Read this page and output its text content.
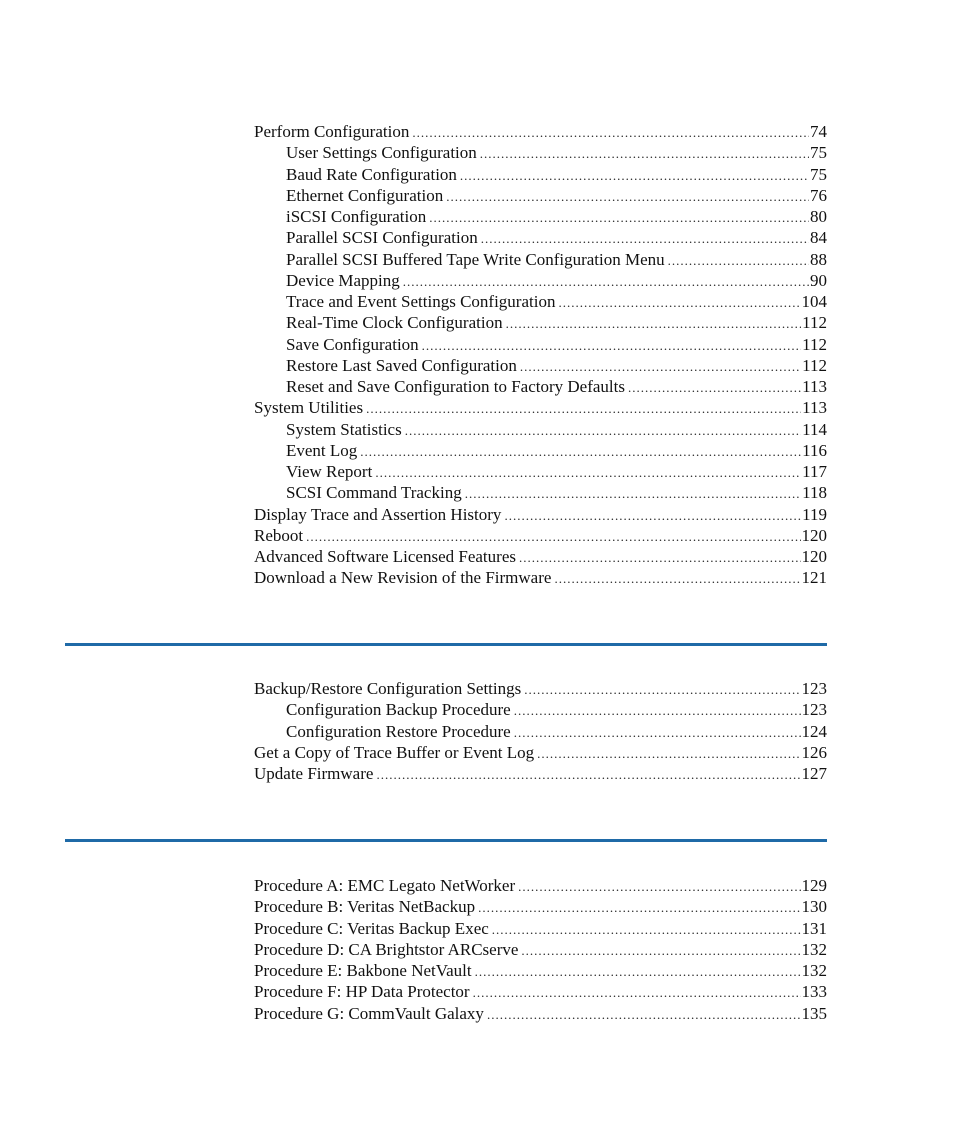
Perform Configuration .....	74
User Settings Configuration .....	75
Baud Rate Configuration .....	75
Ethernet Configuration .....	76
iSCSI Configuration .....	80
Parallel SCSI Configuration .....	84
Parallel SCSI Buffered Tape Write Configuration Menu .....	88
Device Mapping .....	90
Trace and Event Settings Configuration .....	104
Real-Time Clock Configuration .....	112
Save Configuration .....	112
Restore Last Saved Configuration .....	112
Reset and Save Configuration to Factory Defaults .....	113
System Utilities .....	113
System Statistics .....	114
Event Log .....	116
View Report .....	117
SCSI Command Tracking .....	118
Display Trace and Assertion History .....	119
Reboot .....	120
Advanced Software Licensed Features .....	120
Download a New Revision of the Firmware .....	121
Backup/Restore Configuration Settings .....	123
Configuration Backup Procedure .....	123
Configuration Restore Procedure .....	124
Get a Copy of Trace Buffer or Event Log .....	126
Update Firmware .....	127
Procedure A: EMC Legato NetWorker .....	129
Procedure B: Veritas NetBackup .....	130
Procedure C: Veritas Backup Exec .....	131
Procedure D: CA Brightstor ARCserve .....	132
Procedure E: Bakbone NetVault .....	132
Procedure F: HP Data Protector .....	133
Procedure G: CommVault Galaxy .....	135
